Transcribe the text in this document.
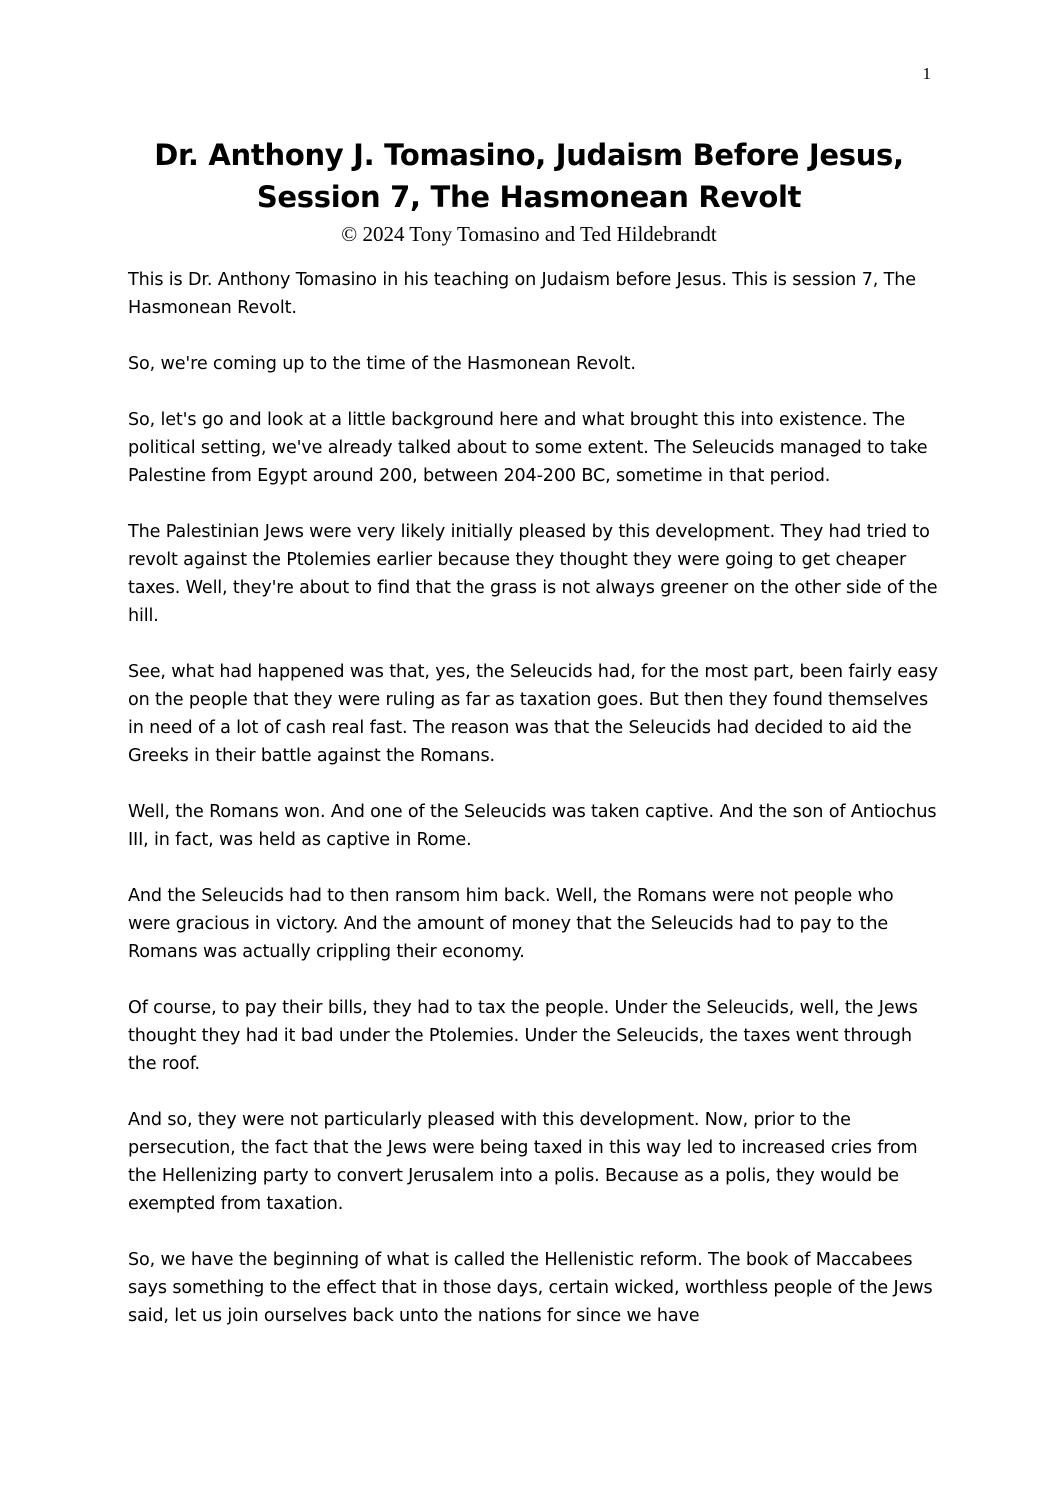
1
Dr. Anthony J. Tomasino, Judaism Before Jesus,
Session 7, The Hasmonean Revolt
© 2024 Tony Tomasino and Ted Hildebrandt

This is Dr. Anthony Tomasino in his teaching on Judaism before Jesus. This is session 7, The Hasmonean Revolt.

So, we're coming up to the time of the Hasmonean Revolt.

So, let's go and look at a little background here and what brought this into existence. The political setting, we've already talked about to some extent. The Seleucids managed to take Palestine from Egypt around 200, between 204-200 BC, sometime in that period.

The Palestinian Jews were very likely initially pleased by this development. They had tried to revolt against the Ptolemies earlier because they thought they were going to get cheaper taxes. Well, they're about to find that the grass is not always greener on the other side of the hill.

See, what had happened was that, yes, the Seleucids had, for the most part, been fairly easy on the people that they were ruling as far as taxation goes. But then they found themselves in need of a lot of cash real fast. The reason was that the Seleucids had decided to aid the Greeks in their battle against the Romans.

Well, the Romans won. And one of the Seleucids was taken captive. And the son of Antiochus III, in fact, was held as captive in Rome.

And the Seleucids had to then ransom him back. Well, the Romans were not people who were gracious in victory. And the amount of money that the Seleucids had to pay to the Romans was actually crippling their economy.

Of course, to pay their bills, they had to tax the people. Under the Seleucids, well, the Jews thought they had it bad under the Ptolemies. Under the Seleucids, the taxes went through the roof.

And so, they were not particularly pleased with this development. Now, prior to the persecution, the fact that the Jews were being taxed in this way led to increased cries from the Hellenizing party to convert Jerusalem into a polis. Because as a polis, they would be exempted from taxation.

So, we have the beginning of what is called the Hellenistic reform. The book of Maccabees says something to the effect that in those days, certain wicked, worthless people of the Jews said, let us join ourselves back unto the nations for since we have
